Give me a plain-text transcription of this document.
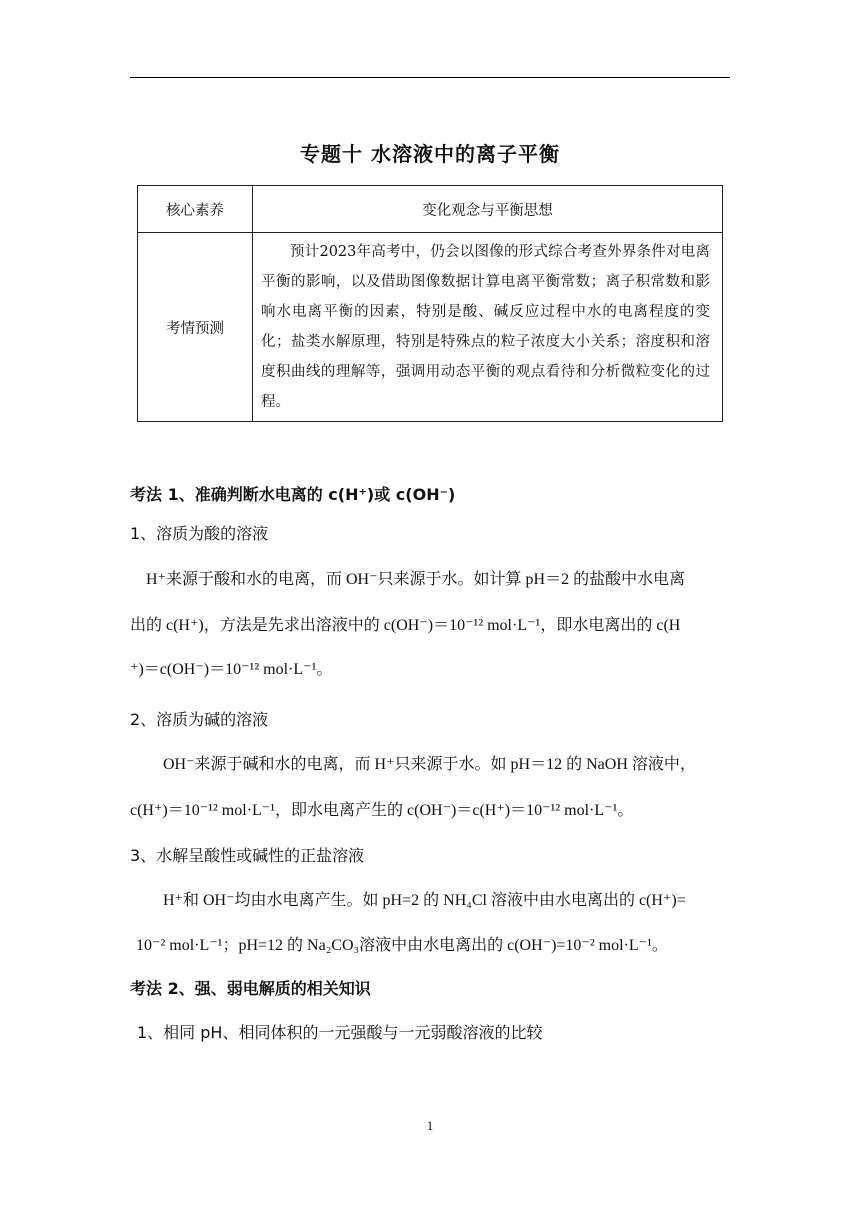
专题十 水溶液中的离子平衡
核心素养	变化观念与平衡思想
考情预测	预计2023年高考中，仍会以图像的形式综合考查外界条件对电离平衡的影响，以及借助图像数据计算电离平衡常数；离子积常数和影响水电离平衡的因素，特别是酸、碱反应过程中水的电离程度的变化；盐类水解原理，特别是特殊点的粒子浓度大小关系；溶度积和溶度积曲线的理解等，强调用动态平衡的观点看待和分析微粒变化的过程。
考法 1、准确判断水电离的 c(H⁺)或 c(OH⁻)
1、溶质为酸的溶液
H⁺来源于酸和水的电离，而 OH⁻只来源于水。如计算 pH＝2 的盐酸中水电离
出的 c(H⁺)，方法是先求出溶液中的 c(OH⁻)＝10⁻¹² mol·L⁻¹，即水电离出的 c(H
⁺)＝c(OH⁻)＝10⁻¹² mol·L⁻¹。
2、溶质为碱的溶液
OH⁻来源于碱和水的电离，而 H⁺只来源于水。如 pH＝12 的 NaOH 溶液中，
c(H⁺)＝10⁻¹² mol·L⁻¹，即水电离产生的 c(OH⁻)＝c(H⁺)＝10⁻¹² mol·L⁻¹。
3、水解呈酸性或碱性的正盐溶液
H⁺和 OH⁻均由水电离产生。如 pH=2 的 NH₄Cl 溶液中由水电离出的 c(H⁺)=
10⁻² mol·L⁻¹；pH=12 的 Na₂CO₃溶液中由水电离出的 c(OH⁻)=10⁻² mol·L⁻¹。
考法 2、强、弱电解质的相关知识
1、相同 pH、相同体积的一元强酸与一元弱酸溶液的比较
1
